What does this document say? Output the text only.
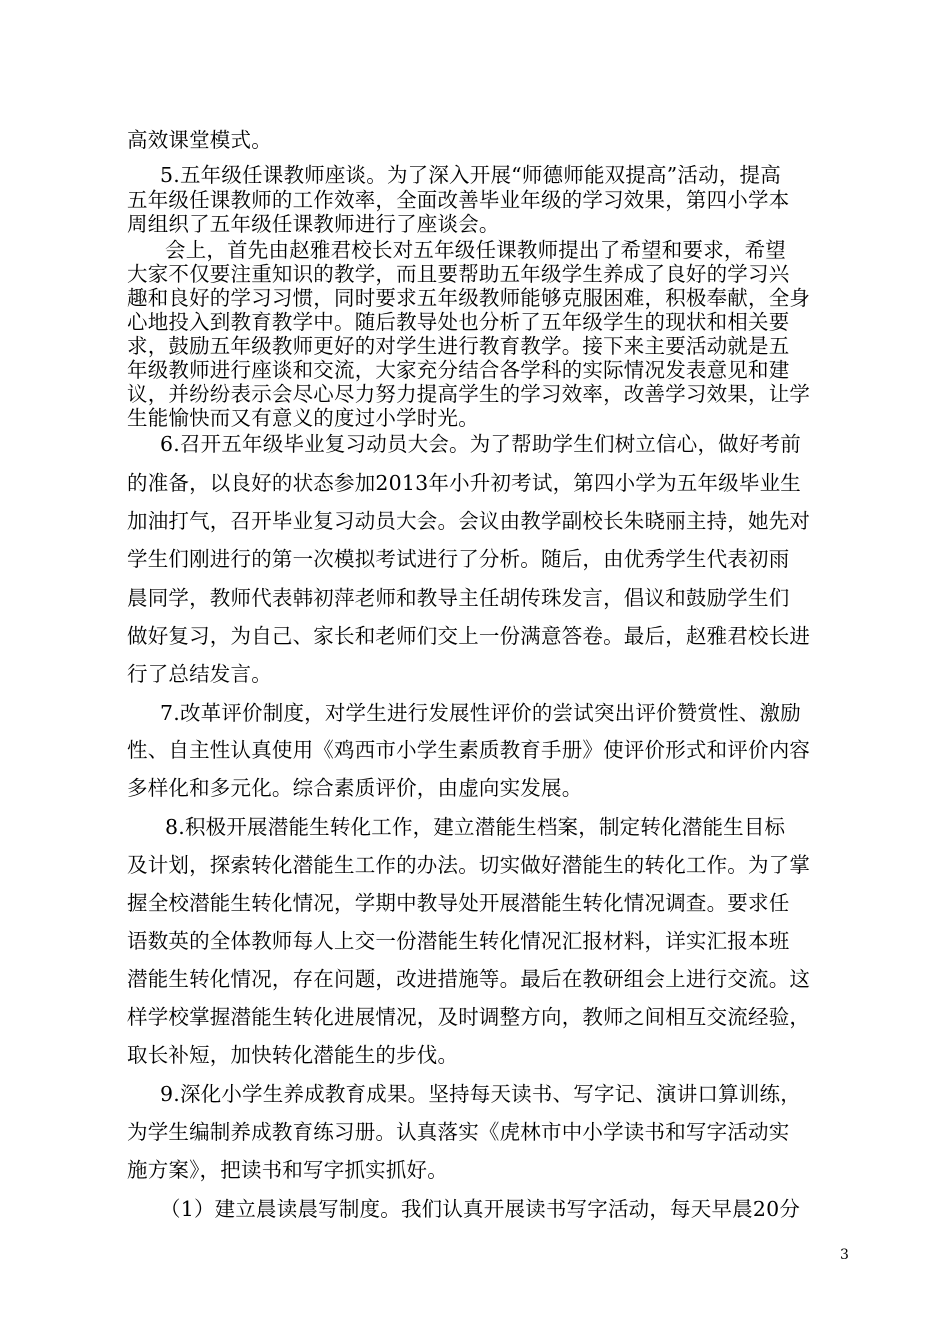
高效课堂模式。
5.五年级任课教师座谈。为了深入开展“师德师能双提高”活动，提高
五年级任课教师的工作效率，全面改善毕业年级的学习效果，第四小学本
周组织了五年级任课教师进行了座谈会。
会上，首先由赵雅君校长对五年级任课教师提出了希望和要求，希望
大家不仅要注重知识的教学，而且要帮助五年级学生养成了良好的学习兴
趣和良好的学习习惯，同时要求五年级教师能够克服困难，积极奉献，全身
心地投入到教育教学中。随后教导处也分析了五年级学生的现状和相关要
求，鼓励五年级教师更好的对学生进行教育教学。接下来主要活动就是五
年级教师进行座谈和交流，大家充分结合各学科的实际情况发表意见和建
议，并纷纷表示会尽心尽力努力提高学生的学习效率，改善学习效果，让学
生能愉快而又有意义的度过小学时光。
6.召开五年级毕业复习动员大会。为了帮助学生们树立信心，做好考前
的准备，以良好的状态参加2013年小升初考试，第四小学为五年级毕业生
加油打气，召开毕业复习动员大会。会议由教学副校长朱晓丽主持，她先对
学生们刚进行的第一次模拟考试进行了分析。随后，由优秀学生代表初雨
晨同学，教师代表韩初萍老师和教导主任胡传珠发言，倡议和鼓励学生们
做好复习，为自己、家长和老师们交上一份满意答卷。最后，赵雅君校长进
行了总结发言。
7.改革评价制度，对学生进行发展性评价的尝试突出评价赞赏性、激励
性、自主性认真使用《鸡西市小学生素质教育手册》使评价形式和评价内容
多样化和多元化。综合素质评价，由虚向实发展。
8.积极开展潜能生转化工作，建立潜能生档案，制定转化潜能生目标
及计划，探索转化潜能生工作的办法。切实做好潜能生的转化工作。为了掌
握全校潜能生转化情况，学期中教导处开展潜能生转化情况调查。要求任
语数英的全体教师每人上交一份潜能生转化情况汇报材料，详实汇报本班
潜能生转化情况，存在问题，改进措施等。最后在教研组会上进行交流。这
样学校掌握潜能生转化进展情况，及时调整方向，教师之间相互交流经验，
取长补短，加快转化潜能生的步伐。
9.深化小学生养成教育成果。坚持每天读书、写字记、演讲口算训练，
为学生编制养成教育练习册。认真落实《虎林市中小学读书和写字活动实
施方案》，把读书和写字抓实抓好。
（1）建立晨读晨写制度。我们认真开展读书写字活动，每天早晨20分
3
